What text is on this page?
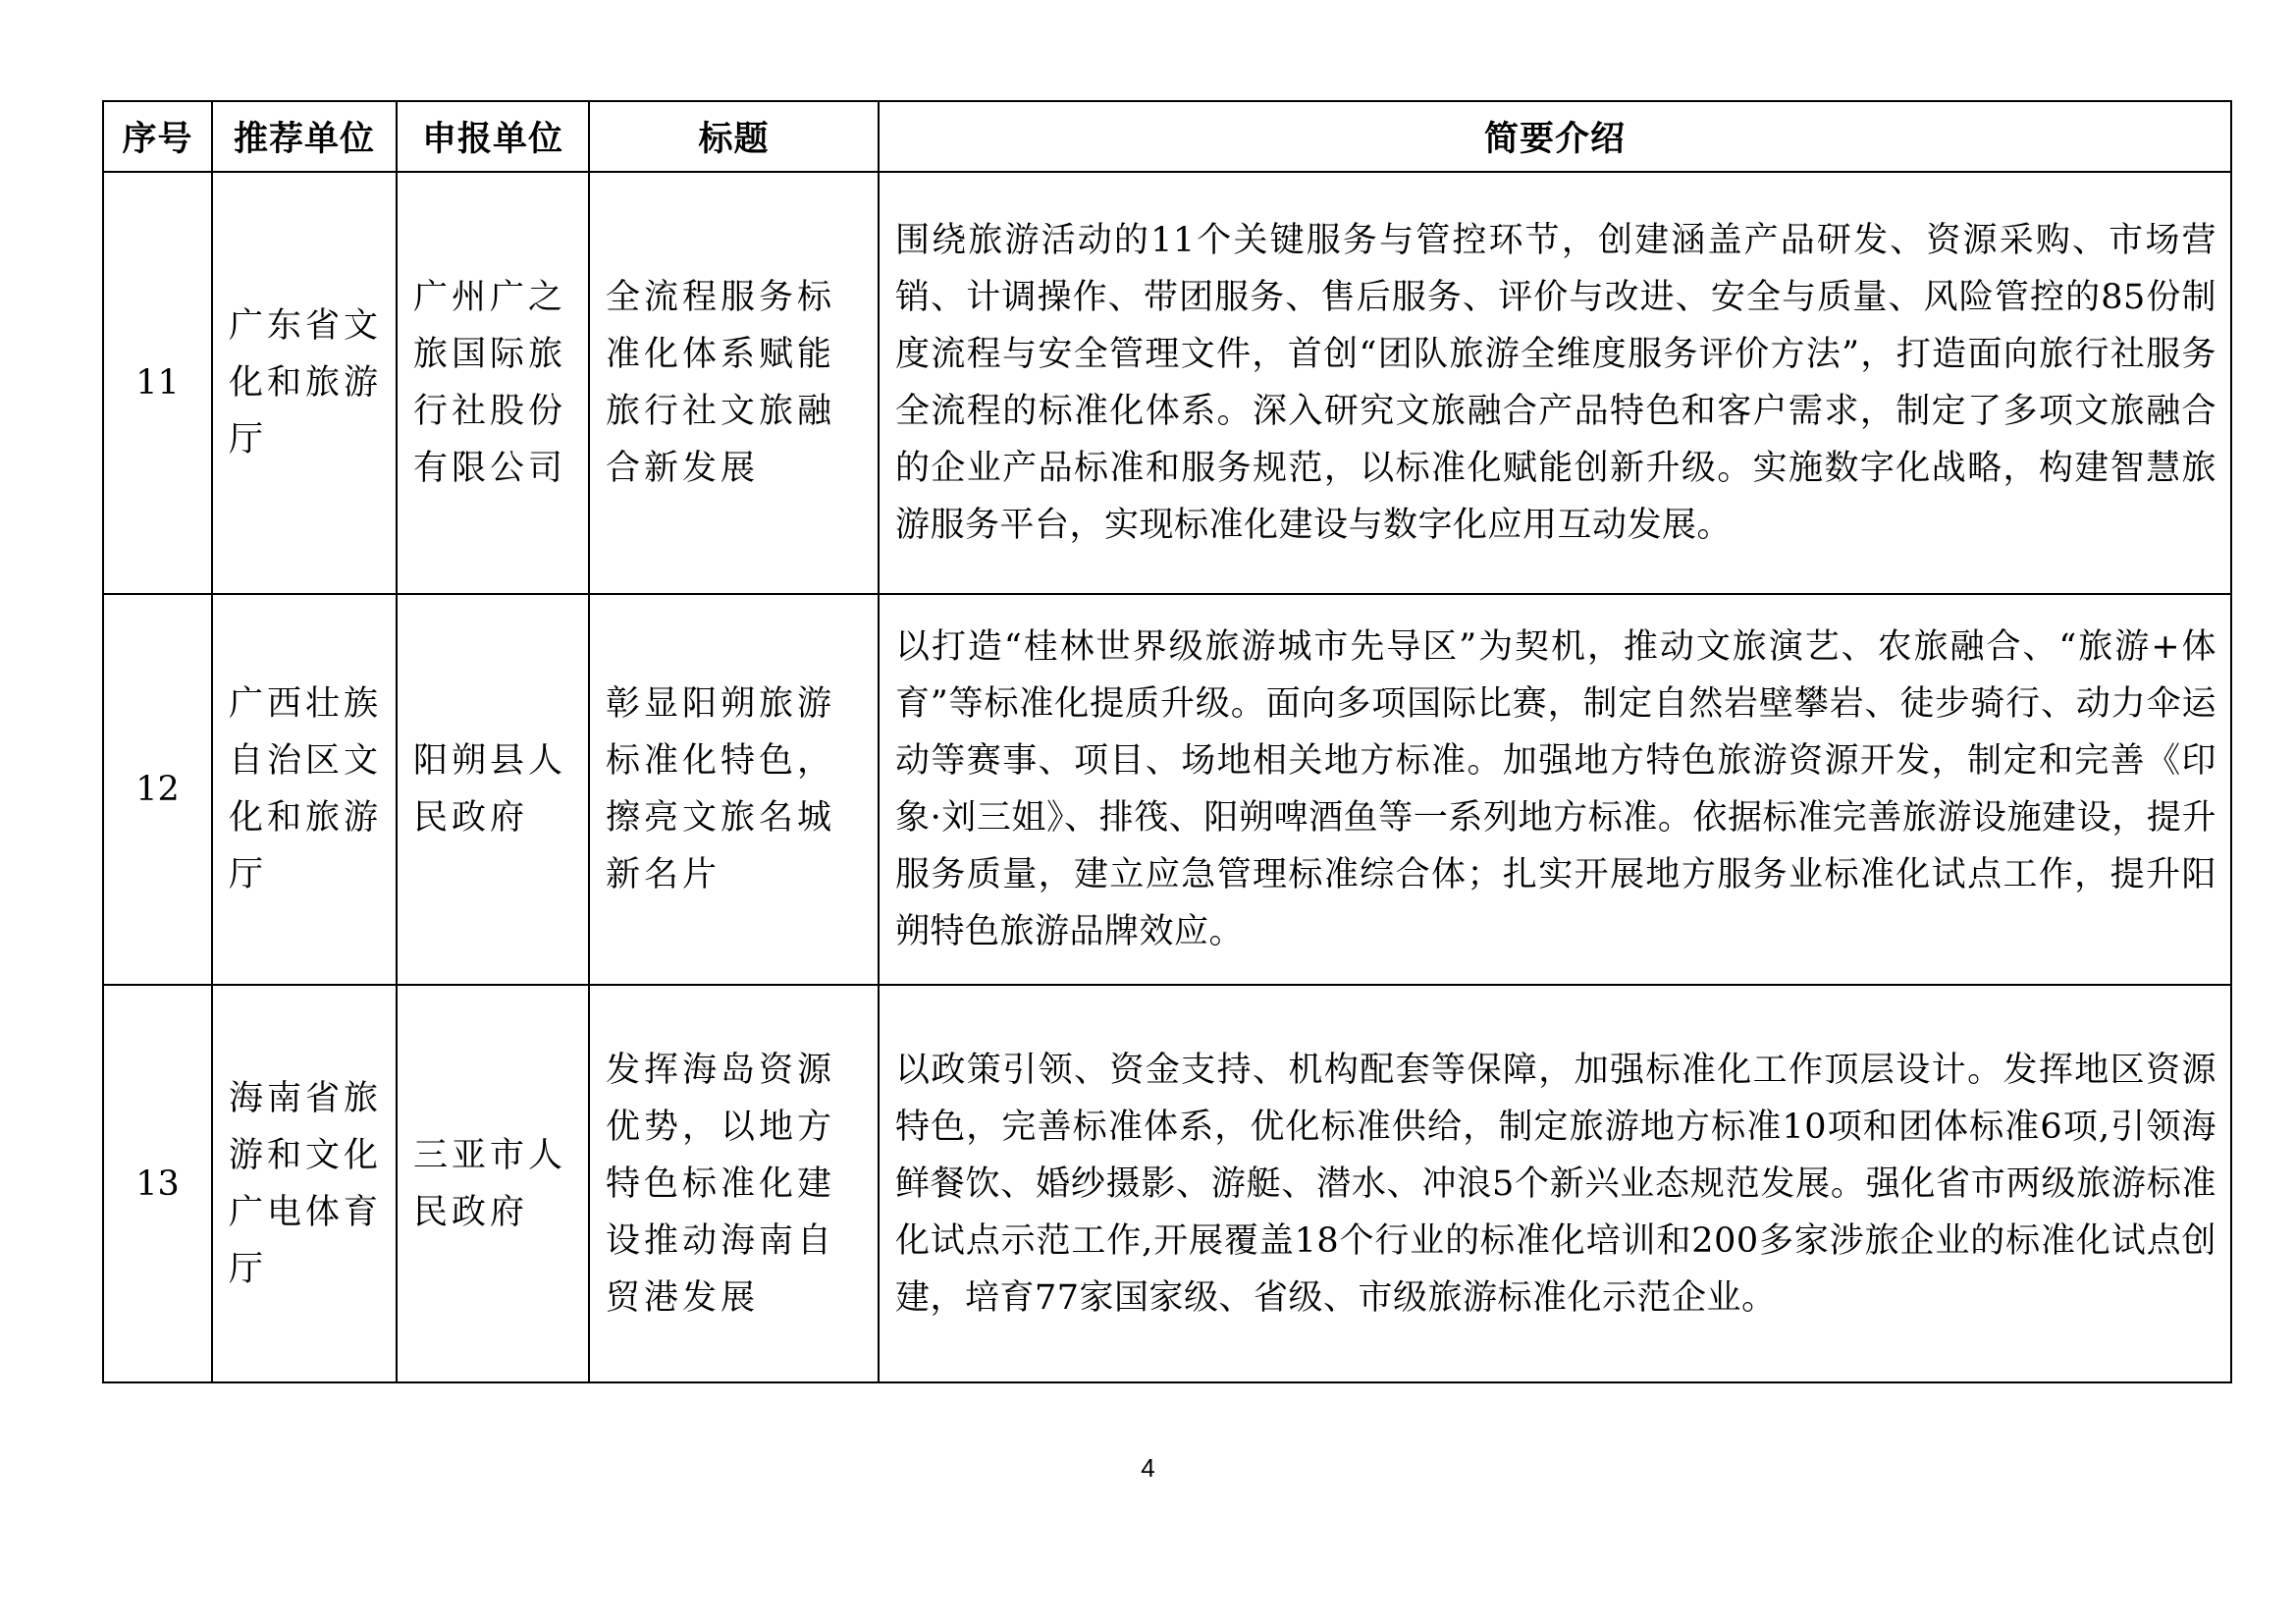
序号	推荐单位	申报单位	标题	简要介绍
11	广东省文化和旅游厅	广州广之旅国际旅行社股份有限公司	全流程服务标准化体系赋能旅行社文旅融合新发展	围绕旅游活动的11个关键服务与管控环节，创建涵盖产品研发、资源采购、市场营销、计调操作、带团服务、售后服务、评价与改进、安全与质量、风险管控的85份制度流程与安全管理文件，首创“团队旅游全维度服务评价方法”，打造面向旅行社服务全流程的标准化体系。深入研究文旅融合产品特色和客户需求，制定了多项文旅融合的企业产品标准和服务规范，以标准化赋能创新升级。实施数字化战略，构建智慧旅游服务平台，实现标准化建设与数字化应用互动发展。
12	广西壮族自治区文化和旅游厅	阳朔县人民政府	彰显阳朔旅游标准化特色，擦亮文旅名城新名片	以打造“桂林世界级旅游城市先导区”为契机，推动文旅演艺、农旅融合、“旅游+体育”等标准化提质升级。面向多项国际比赛，制定自然岩壁攀岩、徒步骑行、动力伞运动等赛事、项目、场地相关地方标准。加强地方特色旅游资源开发，制定和完善《印象·刘三姐》、排筏、阳朔啤酒鱼等一系列地方标准。依据标准完善旅游设施建设，提升服务质量，建立应急管理标准综合体；扎实开展地方服务业标准化试点工作，提升阳朔特色旅游品牌效应。
13	海南省旅游和文化广电体育厅	三亚市人民政府	发挥海岛资源优势，以地方特色标准化建设推动海南自贸港发展	以政策引领、资金支持、机构配套等保障，加强标准化工作顶层设计。发挥地区资源特色，完善标准体系，优化标准供给，制定旅游地方标准10项和团体标准6项,引领海鲜餐饮、婚纱摄影、游艇、潜水、冲浪5个新兴业态规范发展。强化省市两级旅游标准化试点示范工作,开展覆盖18个行业的标准化培训和200多家涉旅企业的标准化试点创建，培育77家国家级、省级、市级旅游标准化示范企业。
4
